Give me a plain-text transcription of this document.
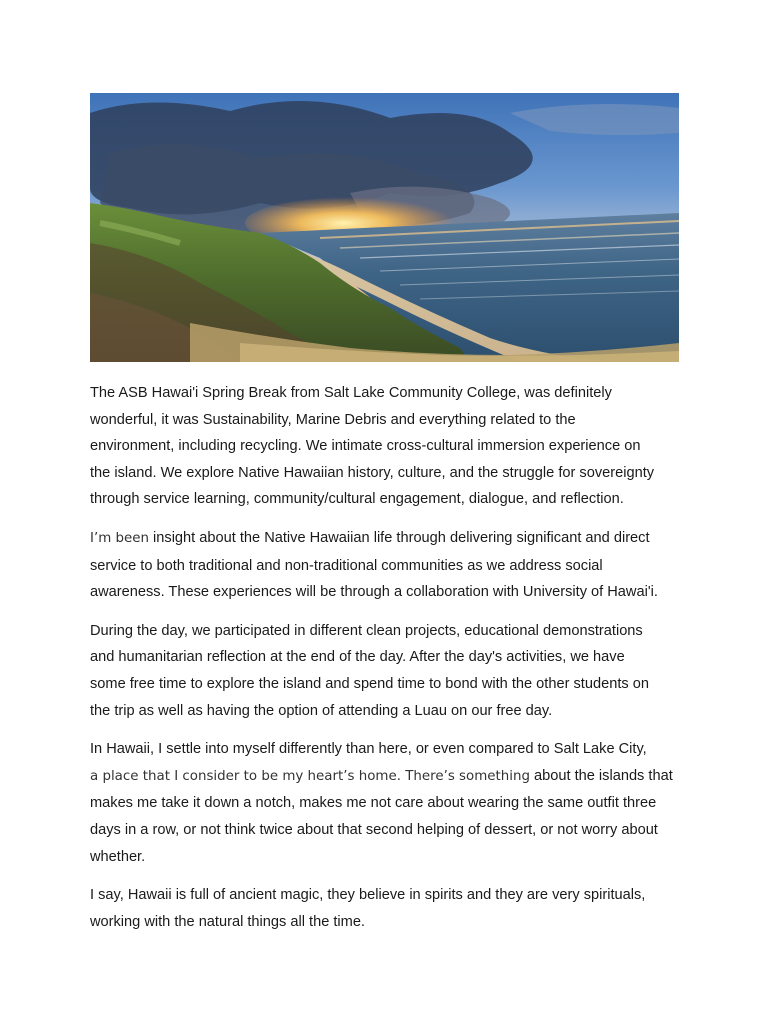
The ASB Hawai'i Spring Break from Salt Lake Community College, was definitely
wonderful, it was Sustainability, Marine Debris and everything related to the
environment, including recycling. We intimate cross-cultural immersion experience on
the island. We explore Native Hawaiian history, culture, and the struggle for sovereignty
through service learning, community/cultural engagement, dialogue, and reflection.

I’m been insight about the Native Hawaiian life through delivering significant and direct
service to both traditional and non-traditional communities as we address social
awareness. These experiences will be through a collaboration with University of Hawai'i.

During the day, we participated in different clean projects, educational demonstrations
and humanitarian reflection at the end of the day. After the day's activities, we have
some free time to explore the island and spend time to bond with the other students on
the trip as well as having the option of attending a Luau on our free day.

In Hawaii, I settle into myself differently than here, or even compared to Salt Lake City,
a place that I consider to be my heart’s home. There’s something about the islands that
makes me take it down a notch, makes me not care about wearing the same outfit three
days in a row, or not think twice about that second helping of dessert, or not worry about
whether.

I say, Hawaii is full of ancient magic, they believe in spirits and they are very spirituals,
working with the natural things all the time.
